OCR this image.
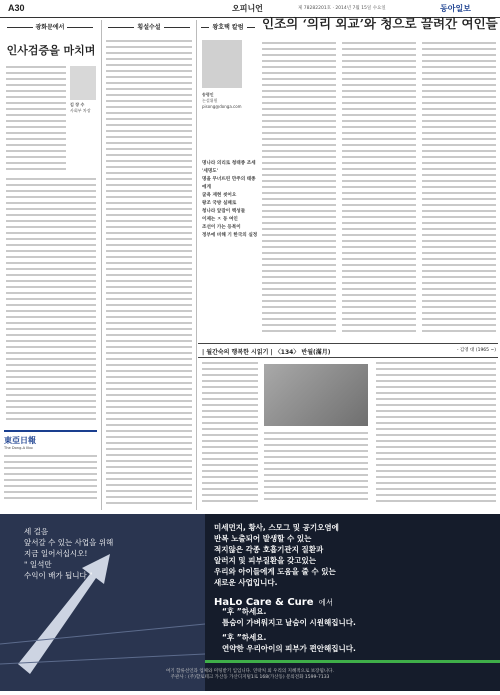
A30	오피니언	제 78282201호 · 2014년 7월 15일 수요일	동아일보
광화문에서
인사검증을 마치며
김 장 수
사회부 차장
東亞日報
The Dong-A Ilbo
횡설수설	왕호택 칼럼	인조의 ‘의리 외교’와 청으로 끌려간 여인들
송평인
논설위원
pisong@donga.com
명나라 의리로 청태종 조세 '세명도'
명을 무너뜨린 만주의 태종에게
굴욕 재현 씻어오
왕조 국방 실패로
청나라 앞잡이 백성들
이제는 ㅈ 동 여인
조선이 가는 등복이
정부에 비해 기 한국의 실정
| 월간숙의 행복한 시읽기 | 〈134〉 반월(滿月)	- 김영 대 (1965 ~)
세 걸음
앞서갈 수 있는 사업을 위해
지금 일어서십시오!
" 일석만
수익이 배가 됩니다 "
미세먼지, 황사, 스모그 및 공기오염에
반복 노출되어 발생할 수 있는
적지않은 각종 호흡기관지 질환과
알러지 및 피부질환을 갖고있는
우리와 아이들에게 도움을 줄 수 있는
새로운 사업입니다.
HaLo Care & Cure 에서
“후 ”하세요.
틈숨이 가벼워지고 날숨이 시원해집니다.
“후 ”하세요.
연약한 우리아이의 피부가 편안해집니다.
여기 합류선언과 업체와 미팅받기 입입니다. 연락처 외 우리의 지혜적으로 보장됩니다.
주관사 : (주)할로테크 가산동 가산디지털1로 168(가산동) 문의전화 1599-7133
